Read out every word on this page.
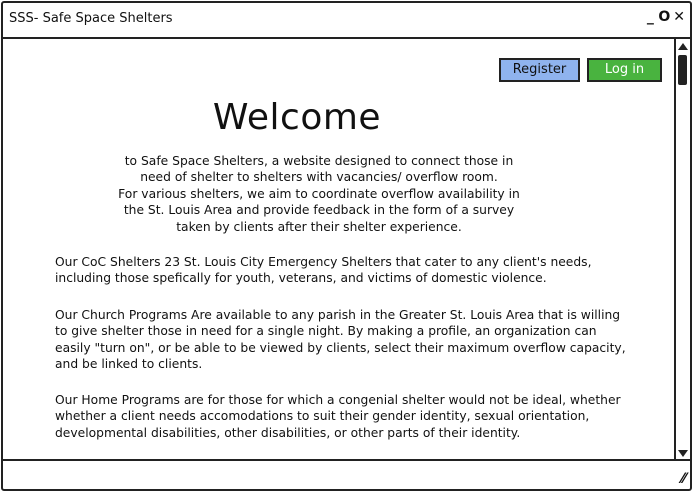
SSS- Safe Space Shelters	_ O ✕
Register	Log in
Welcome

to Safe Space Shelters, a website designed to connect those in
need of shelter to shelters with vacancies/ overflow room.
For various shelters, we aim to coordinate overflow availability in
the St. Louis Area and provide feedback in the form of a survey
taken by clients after their shelter experience.

Our CoC Shelters 23 St. Louis City Emergency Shelters that cater to any client's needs,
including those spefically for youth, veterans, and victims of domestic violence.

Our Church Programs Are available to any parish in the Greater St. Louis Area that is willing
to give shelter those in need for a single night. By making a profile, an organization can
easily "turn on", or be able to be viewed by clients, select their maximum overflow capacity,
and be linked to clients.

Our Home Programs are for those for which a congenial shelter would not be ideal, whether
whether a client needs accomodations to suit their gender identity, sexual orientation,
developmental disabilities, other disabilities, or other parts of their identity.

⁄⁄
